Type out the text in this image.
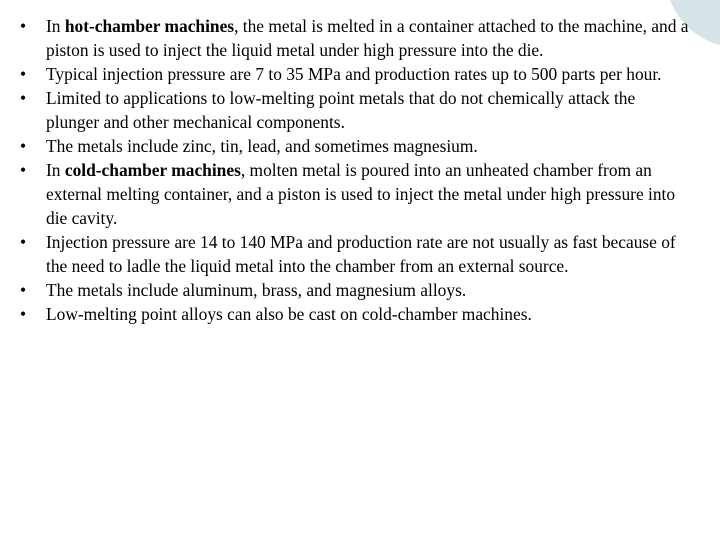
•	In hot-chamber machines, the metal is melted in a container attached to the machine, and a piston is used to inject the liquid metal under high pressure into the die.
•	Typical injection pressure are 7 to 35 MPa and production rates up to 500 parts per hour.
•	Limited to applications to low-melting point metals that do not chemically attack the plunger and other mechanical components.
•	The metals include zinc, tin, lead, and sometimes magnesium.
•	In cold-chamber machines, molten metal is poured into an unheated chamber from an external melting container, and a piston is used to inject the metal under high pressure into die cavity.
•	Injection pressure are 14 to 140 MPa and production rate are not usually as fast because of the need to ladle the liquid metal into the chamber from an external source.
•	The metals include aluminum, brass, and magnesium alloys.
•	Low-melting point alloys can also be cast on cold-chamber machines.
